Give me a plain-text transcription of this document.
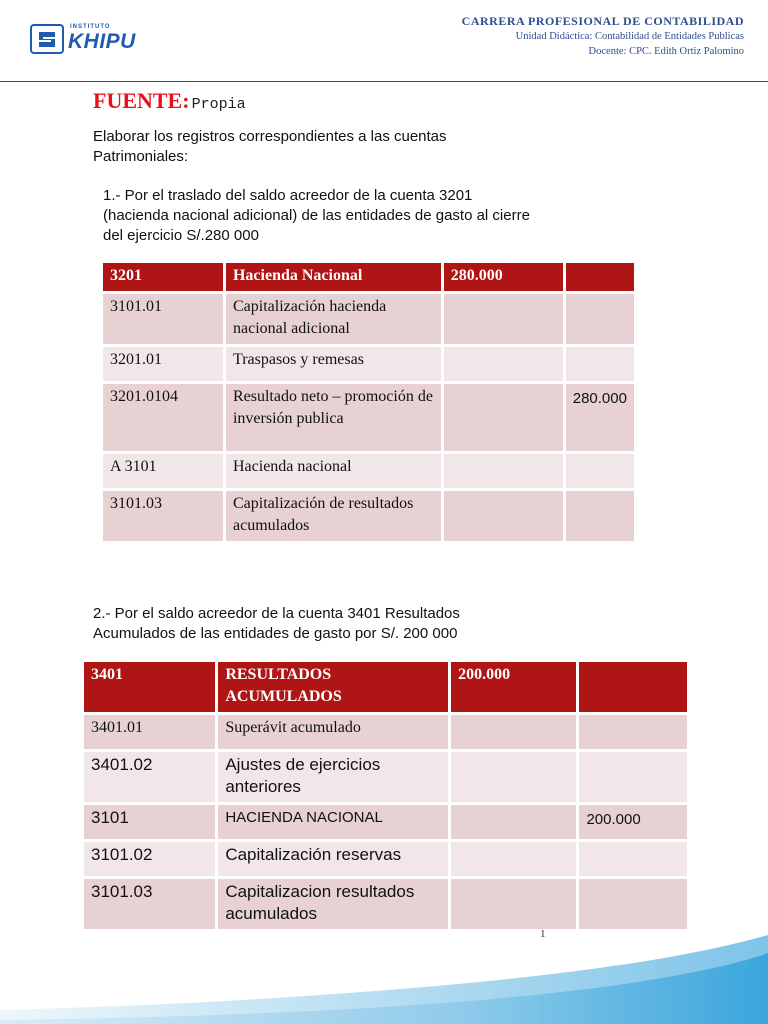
INSTITUTO
KHIPU
CARRERA PROFESIONAL DE CONTABILIDAD
Unidad Didáctica: Contabilidad de Entidades Publicas
Docente: CPC. Edith Ortiz Palomino
FUENTE: Propia
Elaborar los registros correspondientes a las cuentas
Patrimoniales:
1.- Por el traslado del saldo acreedor de la cuenta 3201
(hacienda nacional adicional) de las entidades de gasto al cierre
del ejercicio S/.280 000
3201	Hacienda Nacional	280.000	
3101.01	Capitalización hacienda nacional adicional		
3201.01	Traspasos y remesas		
3201.0104	Resultado neto – promoción de inversión publica		280.000
A 3101	Hacienda nacional		
3101.03	Capitalización de resultados acumulados		
2.- Por el saldo acreedor de la cuenta 3401 Resultados
Acumulados de las entidades de gasto por S/. 200 000
3401	RESULTADOS ACUMULADOS	200.000	
3401.01	Superávit acumulado		
3401.02	Ajustes de ejercicios anteriores		
3101	HACIENDA NACIONAL		200.000
3101.02	Capitalización reservas		
3101.03	Capitalizacion resultados acumulados		
1
